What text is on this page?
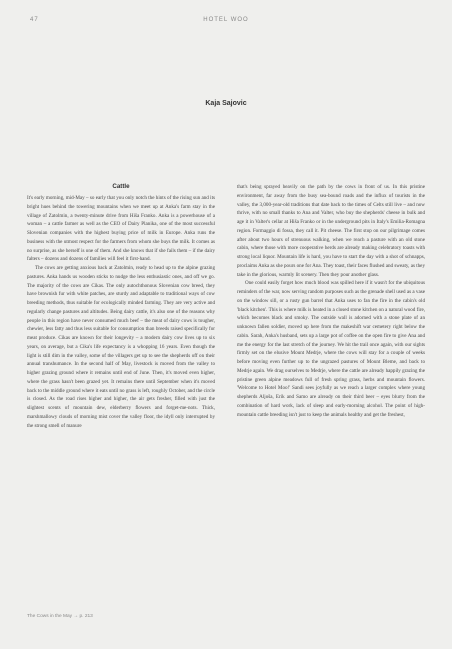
47	HOTEL WOO
Kaja Sajovic
Cattle

It's early morning, mid-May – so early that you only notch the hints of the rising sun and its bright hues behind the towering mountains when we meet up at Anka's farm stay in the village of Zatolmin, a twenty-minute drive from Hiša Franko. Anka is a powerhouse of a woman – a cattle farmer as well as the CEO of Dairy Planika, one of the most successful Slovenian companies with the highest buying price of milk in Europe. Anka runs the business with the utmost respect for the farmers from whom she buys the milk. It comes as no surprise, as she herself is one of them. And she knows that if she fails them – if the dairy falters – dozens and dozens of families will feel it first-hand.

The cows are getting anxious back at Zatolmin, ready to head up to the alpine grazing pastures. Anka hands us wooden sticks to nudge the less enthusiastic ones, and off we go. The majority of the cows are Cikas. The only autochthonous Slovenian cow breed, they have brownish fur with white patches, are sturdy and adaptable to traditional ways of cow breeding methods, thus suitable for ecologically minded farming. They are very active and regularly change pastures and altitudes. Being dairy cattle, it's also one of the reasons why people in this region have never consumed much beef – the meat of dairy cows is tougher, chewier, less fatty and thus less suitable for consumption than breeds raised specifically for meat produce. Cikas are known for their longevity – a modern dairy cow lives up to six years, on average, but a Cika's life expectancy is a whopping 16 years. Even though the light is still dim in the valley, some of the villagers get up to see the shepherds off on their annual transhumance. In the second half of May, livestock is moved from the valley to higher grazing ground where it remains until end of June. Then, it's moved even higher, where the grass hasn't been grazed yet. It remains there until September when it's moved back to the middle ground where it eats until no grass is left, roughly October, and the circle is closed. As the road rises higher and higher, the air gets fresher, filled with just the slightest scents of mountain dew, elderberry flowers and forget-me-nots. Thick, marshmallowy clouds of morning mist cover the valley floor, the idyll only interrupted by the strong smell of manure

that's being sprayed heavily on the path by the cows in front of us. In this pristine environment, far away from the busy sea-bound roads and the influx of tourists in the valley, the 3,000-year-old traditions that date back to the times of Celts still live – and now thrive, with no small thanks to Ana and Valter, who buy the shepherds' cheese in bulk and age it in Valter's cellar at Hiša Franko or in the underground pits in Italy's Emilia-Romagna region. Formaggio di fossa, they call it. Pit cheese. The first stop on our pilgrimage comes after about two hours of strenuous walking, when we reach a pasture with an old stone cabin, where those with more cooperative herds are already making celebratory toasts with strong local liquor. Mountain life is hard, you have to start the day with a shot of schnapps, proclaims Anka as she pours one for Ana. They toast, their faces flushed and sweaty, as they take in the glorious, warmly lit scenery. Then they pour another glass.

One could easily forget how much blood was spilled here if it wasn't for the ubiquitous reminders of the war, now serving random purposes such as the grenade shell used as a vase on the window sill, or a rusty gun barrel that Anka uses to fan the fire in the cabin's old 'black kitchen'. This is where milk is heated in a closed stone kitchen on a natural wood fire, which becomes black and smoky. The outside wall is adorned with a stone plate of an unknown fallen soldier, moved up here from the makeshift war cemetery right below the cabin. Sarah, Anka's husband, sets up a large pot of coffee on the open fire to give Ana and me the energy for the last stretch of the journey. We hit the trail once again, with our sights firmly set on the elusive Mount Medrje, where the cows will stay for a couple of weeks before moving even further up to the ungrazed pastures of Mount Bleme, and back to Medrje again. We drag ourselves to Medrje, where the cattle are already happily grazing the pristine green alpine meadows full of fresh spring grass, herbs and mountain flowers. 'Welcome to Hotel Moo!' Sandi sees joyfully as we reach a larger complex where young shepherds Aljoša, Erik and Samo are already on their third beer – eyes blurry from the combination of hard work, lack of sleep and early-morning alcohol. The point of high-mountain cattle breeding isn't just to keep the animals healthy and get the freshest,

The Cows in the May → p. 213
